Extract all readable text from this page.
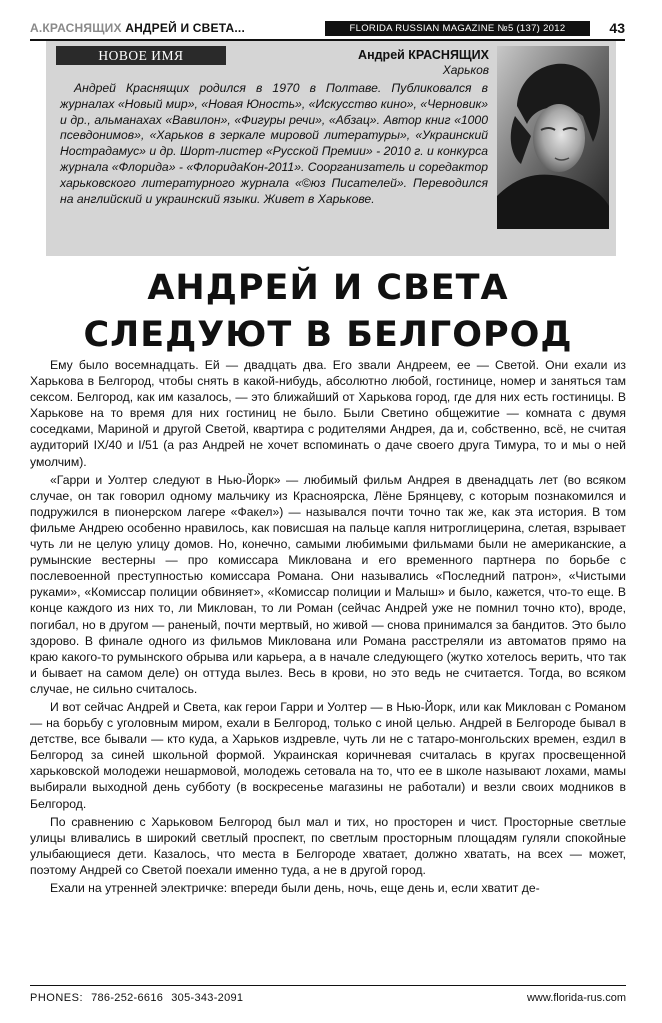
А.КРАСНЯЩИХ АНДРЕЙ И СВЕТА...	FLORIDA RUSSIAN MAGAZINE №5 (137) 2012	43
НОВОЕ ИМЯ	Андрей КРАСНЯЩИХ
Харьков

Андрей Краснящих родился в 1970 в Полтаве. Публиковался в журналах «Новый мир», «Новая Юность», «Искусство кино», «Черновик» и др., альманахах «Вавилон», «Фигуры речи», «Абзац». Автор книг «1000 псевдонимов», «Харьков в зеркале мировой литературы», «Украинский Нострадамус» и др. Шорт-листер «Русской Премии» - 2010 г. и конкурса журнала «Флорида» - «ФлоридаКон-2011». Соорганизатель и соредактор харьковского литературного журнала «©юз Писателей». Переводился на английский и украинский языки. Живет в Харькове.

АНДРЕЙ И СВЕТА
СЛЕДУЮТ В БЕЛГОРОД

Ему было восемнадцать. Ей — двадцать два. Его звали Андреем, ее — Светой. Они ехали из Харькова в Белгород, чтобы снять в какой-нибудь, абсолютно любой, гостинице, номер и заняться там сексом. Белгород, как им казалось, — это ближайший от Харькова город, где для них есть гостиницы. В Харькове на то время для них гостиниц не было. Были Светино общежитие — комната с двумя соседками, Мариной и другой Светой, квартира с родителями Андрея, да и, собственно, всё, не считая аудиторий IX/40 и I/51 (а раз Андрей не хочет вспоминать о даче своего друга Тимура, то и мы о ней умолчим).

«Гарри и Уолтер следуют в Нью-Йорк» — любимый фильм Андрея в двенадцать лет (во всяком случае, он так говорил одному мальчику из Красноярска, Лёне Брянцеву, с которым познакомился и подружился в пионерском лагере «Факел») — назывался почти точно так же, как эта история. В том фильме Андрею особенно нравилось, как повисшая на пальце капля нитроглицерина, слетая, взрывает чуть ли не целую улицу домов. Но, конечно, самыми любимыми фильмами были не американские, а румынские вестерны — про комиссара Миклована и его временного партнера по борьбе с послевоенной преступностью комиссара Романа. Они назывались «Последний патрон», «Чистыми руками», «Комиссар полиции обвиняет», «Комиссар полиции и Малыш» и было, кажется, что-то еще. В конце каждого из них то, ли Миклован, то ли Роман (сейчас Андрей уже не помнил точно кто), вроде, погибал, но в другом — раненый, почти мертвый, но живой — снова принимался за бандитов. Это было здорово. В финале одного из фильмов Миклована или Романа расстреляли из автоматов прямо на краю какого-то румынского обрыва или карьера, а в начале следующего (жутко хотелось верить, что так и бывает на самом деле) он оттуда вылез. Весь в крови, но это ведь не считается. Тогда, во всяком случае, не сильно считалось.

И вот сейчас Андрей и Света, как герои Гарри и Уолтер — в Нью-Йорк, или как Миклован с Романом — на борьбу с уголовным миром, ехали в Белгород, только с иной целью. Андрей в Белгороде бывал в детстве, все бывали — кто куда, а Харьков издревле, чуть ли не с татаро-монгольских времен, ездил в Белгород за синей школьной формой. Украинская коричневая считалась в кругах просвещенной харьковской молодежи нешармовой, молодежь сетовала на то, что ее в школе называют лохами, мамы выбирали выходной день субботу (в воскресенье магазины не работали) и везли своих модников в Белгород.

По сравнению с Харьковом Белгород был мал и тих, но просторен и чист. Просторные светлые улицы вливались в широкий светлый проспект, по светлым просторным площадям гуляли спокойные улыбающиеся дети. Казалось, что места в Белгороде хватает, должно хватать, на всех — может, поэтому Андрей со Светой поехали именно туда, а не в другой город.

Ехали на утренней электричке: впереди были день, ночь, еще день и, если хватит де-

PHONES: 786-252-6616 305-343-2091	www.florida-rus.com
